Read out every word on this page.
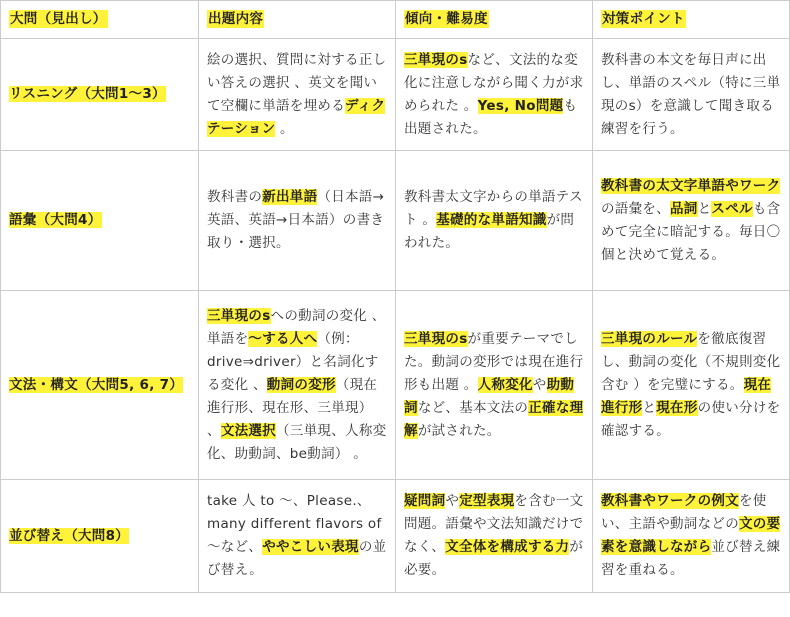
大問（見出し）	出題内容	傾向・難易度	対策ポイント
リスニング（大問1～3）	絵の選択、質問に対する正しい答えの選択 、英文を聞いて空欄に単語を埋めるディクテーション 。	三単現のsなど、文法的な変化に注意しながら聞く力が求められた 。Yes, No問題も出題された。	教科書の本文を毎日声に出し、単語のスペル（特に三単現のs）を意識して聞き取る練習を行う。
語彙（大問4）	教科書の新出単語（日本語→英語、英語→日本語）の書き取り・選択。	教科書太文字からの単語テスト 。基礎的な単語知識が問われた。	教科書の太文字単語やワークの語彙を、品詞とスペルも含めて完全に暗記する。毎日〇個と決めて覚える。
文法・構文（大問5, 6, 7）	三単現のsへの動詞の変化 、単語を～する人へ（例：drive⇒driver）と名詞化する変化 、動詞の変形（現在進行形、現在形、三単現） 、文法選択（三単現、人称変化、助動詞、be動詞） 。	三単現のsが重要テーマでした。動詞の変形では現在進行形も出題 。人称変化や助動詞など、基本文法の正確な理解が試された。	三単現のルールを徹底復習し、動詞の変化（不規則変化含む ）を完璧にする。現在進行形と現在形の使い分けを確認する。
並び替え（大問8）	take 人 to ～、Please.、many different flavors of ～など、ややこしい表現の並び替え。	疑問詞や定型表現を含む一文問題。語彙や文法知識だけでなく、文全体を構成する力が必要。	教科書やワークの例文を使い、主語や動詞などの文の要素を意識しながら並び替え練習を重ねる。
